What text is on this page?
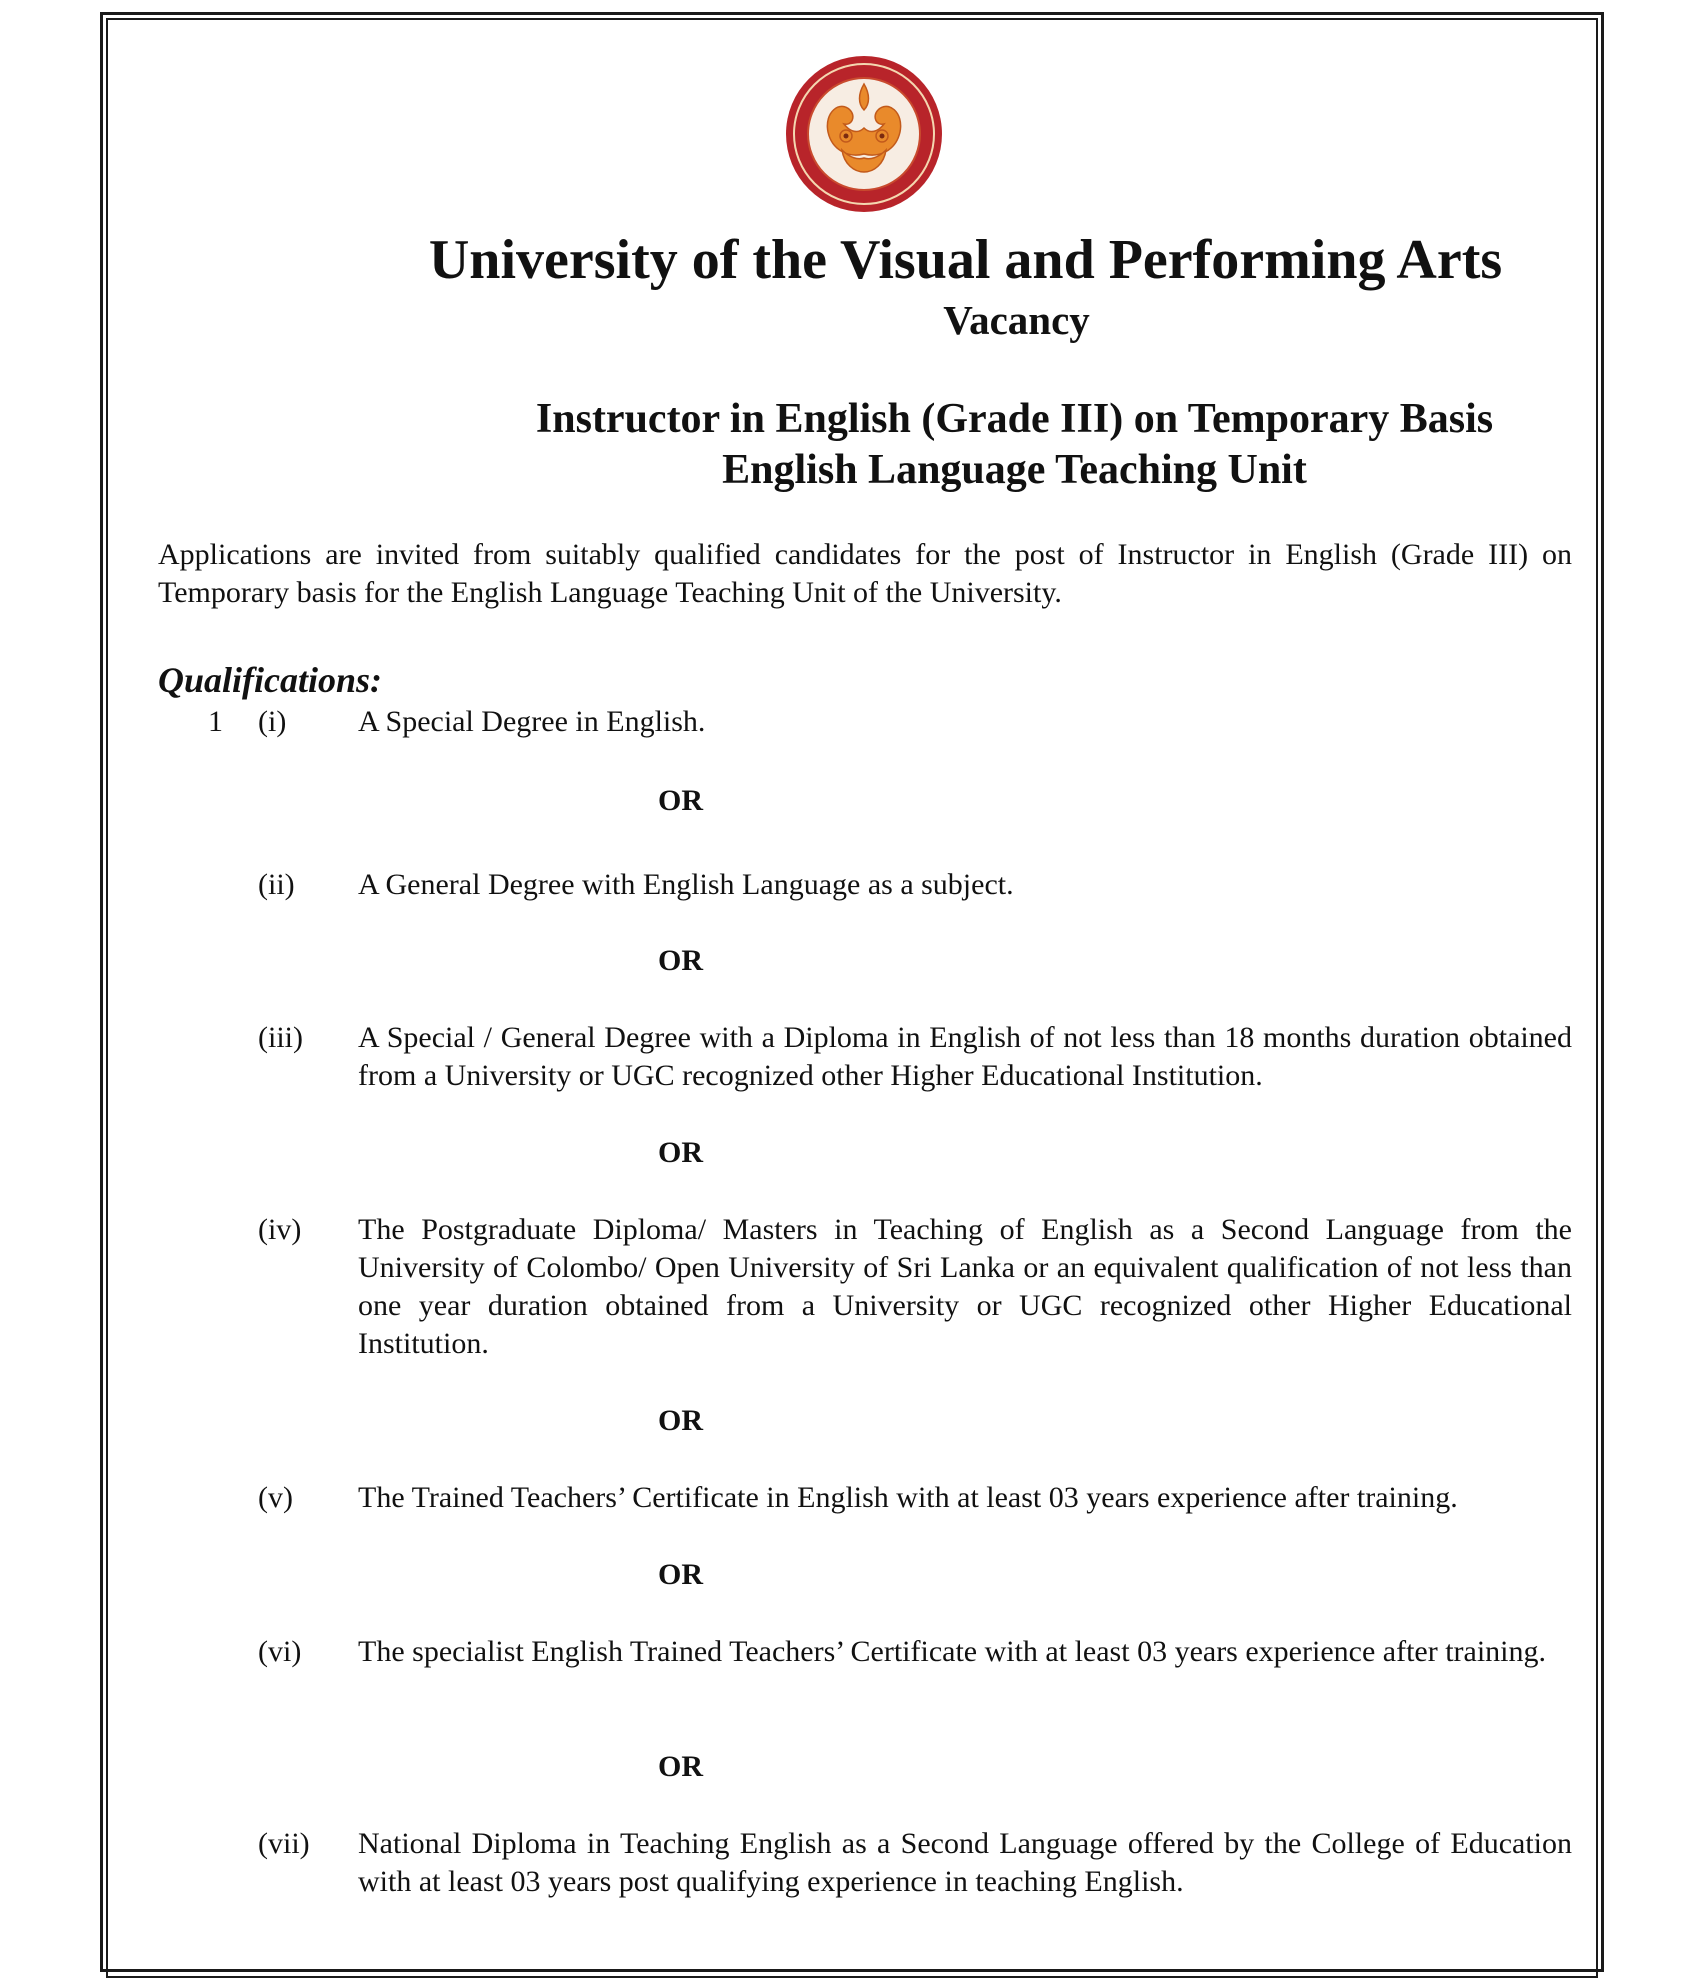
University of the Visual and Performing Arts
Vacancy
Instructor in English (Grade III) on Temporary Basis
English Language Teaching Unit

Applications are invited from suitably qualified candidates for the post of Instructor in English (Grade III) on Temporary basis for the English Language Teaching Unit of the University.

Qualifications:
1 (i) A Special Degree in English.

OR
(ii) A General Degree with English Language as a subject.

OR
(iii) A Special / General Degree with a Diploma in English of not less than 18 months duration obtained from a University or UGC recognized other Higher Educational Institution.

OR
(iv) The Postgraduate Diploma/ Masters in Teaching of English as a Second Language from the University of Colombo/ Open University of Sri Lanka or an equivalent qualification of not less than one year duration obtained from a University or UGC recognized other Higher Educational Institution.

OR
(v) The Trained Teachers’ Certificate in English with at least 03 years experience after training.

OR
(vi) The specialist English Trained Teachers’ Certificate with at least 03 years experience after training.

OR
(vii) National Diploma in Teaching English as a Second Language offered by the College of Education with at least 03 years post qualifying experience in teaching English.
